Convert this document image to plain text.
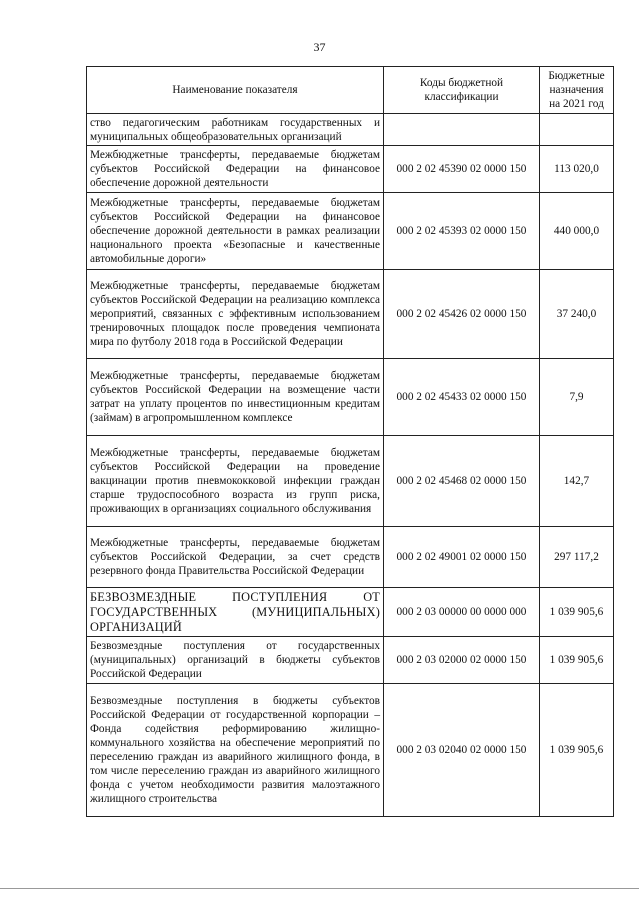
37
Наименование показателя	Коды бюджетной классификации	Бюджетные назначения на 2021 год
ство педагогическим работникам государственных и муниципальных общеобразовательных организаций		
Межбюджетные трансферты, передаваемые бюджетам субъектов Российской Федерации на финансовое обеспечение дорожной деятельности	000 2 02 45390 02 0000 150	113 020,0
Межбюджетные трансферты, передаваемые бюджетам субъектов Российской Федерации на финансовое обеспечение дорожной деятельности в рамках реализации национального проекта «Безопасные и качественные автомобильные дороги»	000 2 02 45393 02 0000 150	440 000,0
Межбюджетные трансферты, передаваемые бюджетам субъектов Российской Федерации на реализацию комплекса мероприятий, связанных с эффективным использованием тренировочных площадок после проведения чемпионата мира по футболу 2018 года в Российской Федерации	000 2 02 45426 02 0000 150	37 240,0
Межбюджетные трансферты, передаваемые бюджетам субъектов Российской Федерации на возмещение части затрат на уплату процентов по инвестиционным кредитам (займам) в агропромышленном комплексе	000 2 02 45433 02 0000 150	7,9
Межбюджетные трансферты, передаваемые бюджетам субъектов Российской Федерации на проведение вакцинации против пневмококковой инфекции граждан старше трудоспособного возраста из групп риска, проживающих в организациях социального обслуживания	000 2 02 45468 02 0000 150	142,7
Межбюджетные трансферты, передаваемые бюджетам субъектов Российской Федерации, за счет средств резервного фонда Правительства Российской Федерации	000 2 02 49001 02 0000 150	297 117,2
БЕЗВОЗМЕЗДНЫЕ ПОСТУПЛЕНИЯ ОТ ГОСУДАРСТВЕННЫХ (МУНИЦИПАЛЬНЫХ) ОРГАНИЗАЦИЙ	000 2 03 00000 00 0000 000	1 039 905,6
Безвозмездные поступления от государственных (муниципальных) организаций в бюджеты субъектов Российской Федерации	000 2 03 02000 02 0000 150	1 039 905,6
Безвозмездные поступления в бюджеты субъектов Российской Федерации от государственной корпорации – Фонда содействия реформированию жилищно-коммунального хозяйства на обеспечение мероприятий по переселению граждан из аварийного жилищного фонда, в том числе переселению граждан из аварийного жилищного фонда с учетом необходимости развития малоэтажного жилищного строительства	000 2 03 02040 02 0000 150	1 039 905,6
